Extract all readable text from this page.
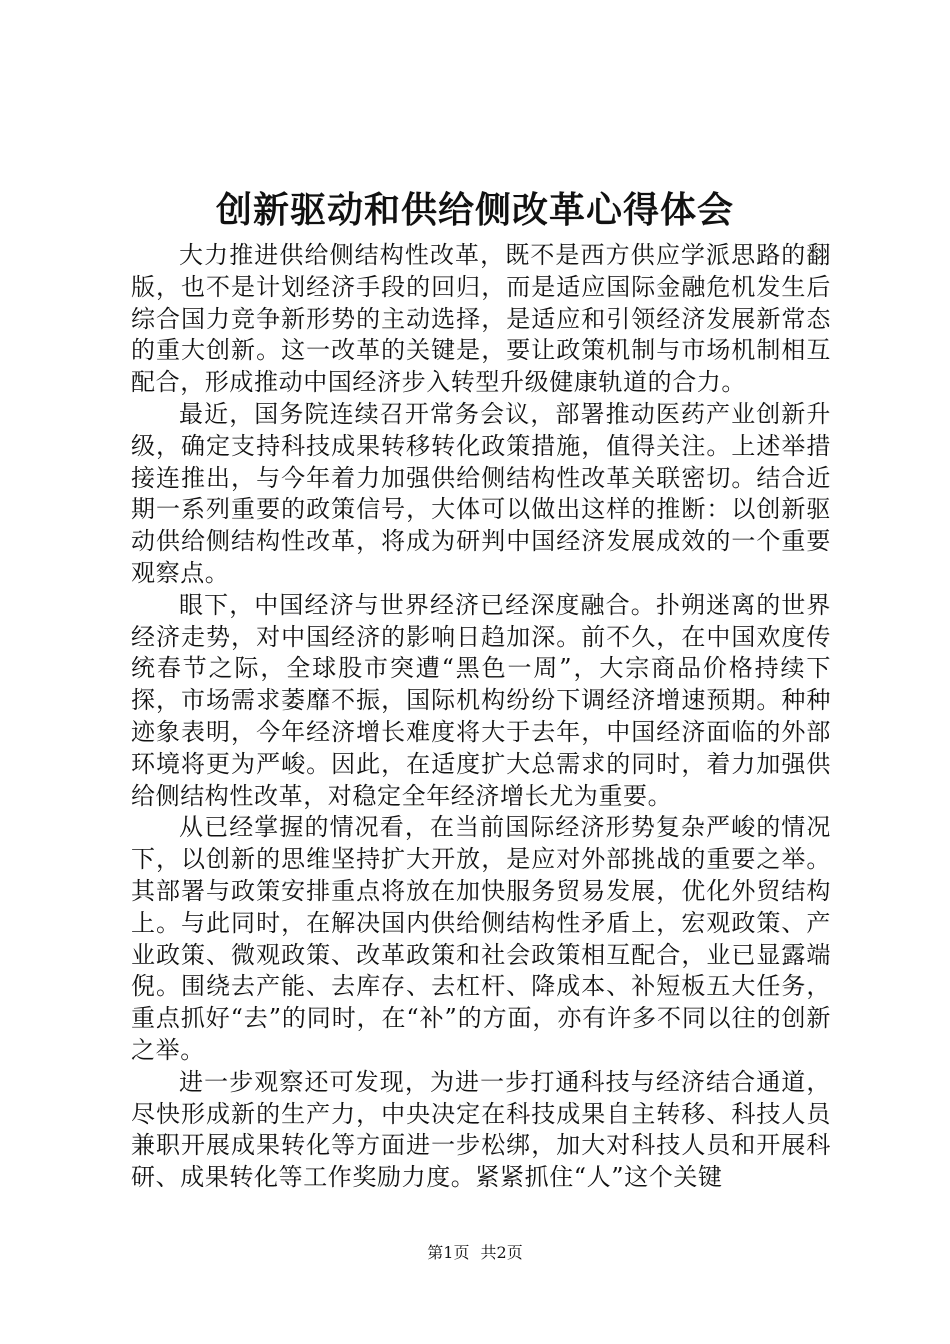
创新驱动和供给侧改革心得体会

大力推进供给侧结构性改革，既不是西方供应学派思路的翻版，也不是计划经济手段的回归，而是适应国际金融危机发生后综合国力竞争新形势的主动选择，是适应和引领经济发展新常态的重大创新。这一改革的关键是，要让政策机制与市场机制相互配合，形成推动中国经济步入转型升级健康轨道的合力。

最近，国务院连续召开常务会议，部署推动医药产业创新升级，确定支持科技成果转移转化政策措施，值得关注。上述举措接连推出，与今年着力加强供给侧结构性改革关联密切。结合近期一系列重要的政策信号，大体可以做出这样的推断：以创新驱动供给侧结构性改革，将成为研判中国经济发展成效的一个重要观察点。

眼下，中国经济与世界经济已经深度融合。扑朔迷离的世界经济走势，对中国经济的影响日趋加深。前不久，在中国欢度传统春节之际，全球股市突遭“黑色一周”，大宗商品价格持续下探，市场需求萎靡不振，国际机构纷纷下调经济增速预期。种种迹象表明，今年经济增长难度将大于去年，中国经济面临的外部环境将更为严峻。因此，在适度扩大总需求的同时，着力加强供给侧结构性改革，对稳定全年经济增长尤为重要。

从已经掌握的情况看，在当前国际经济形势复杂严峻的情况下，以创新的思维坚持扩大开放，是应对外部挑战的重要之举。其部署与政策安排重点将放在加快服务贸易发展，优化外贸结构上。与此同时，在解决国内供给侧结构性矛盾上，宏观政策、产业政策、微观政策、改革政策和社会政策相互配合，业已显露端倪。围绕去产能、去库存、去杠杆、降成本、补短板五大任务，重点抓好“去”的同时，在“补”的方面，亦有许多不同以往的创新之举。

进一步观察还可发现，为进一步打通科技与经济结合通道，尽快形成新的生产力，中央决定在科技成果自主转移、科技人员兼职开展成果转化等方面进一步松绑，加大对科技人员和开展科研、成果转化等工作奖励力度。紧紧抓住“人”这个关键

第1页 共2页
